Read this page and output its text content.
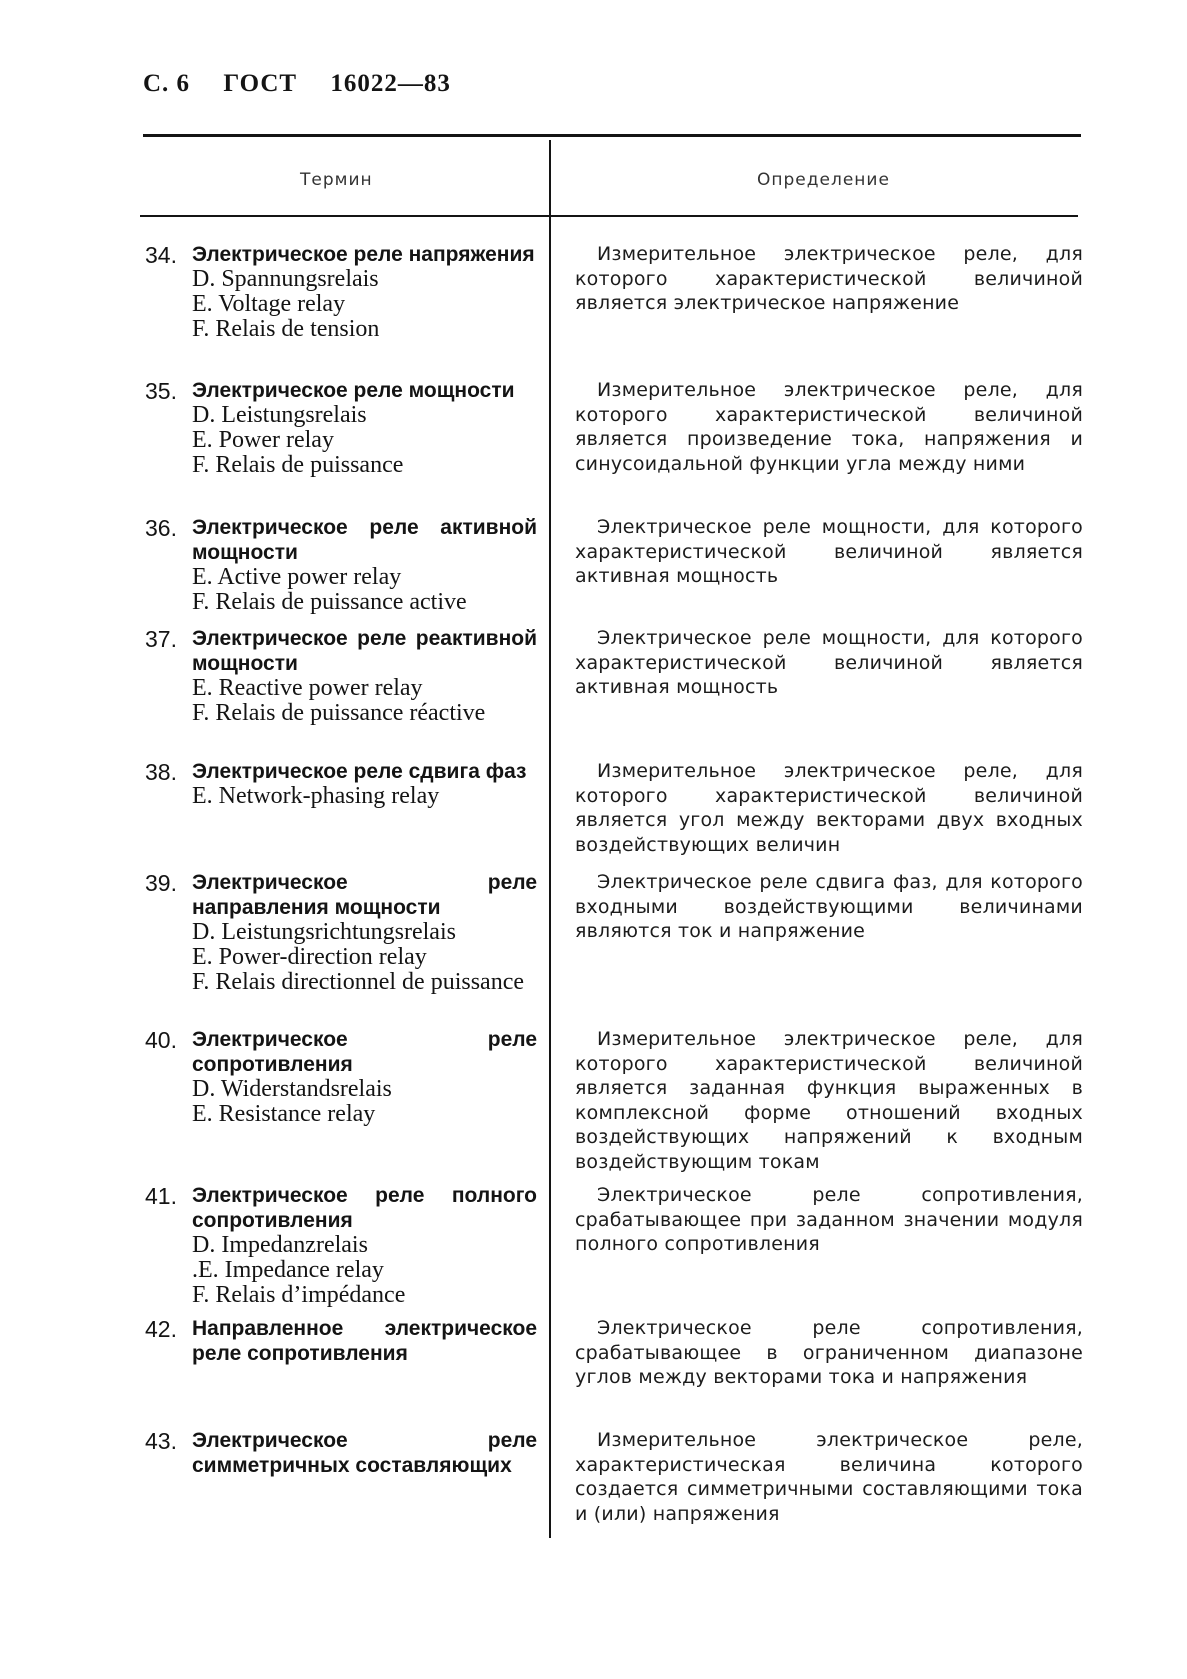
С. 6 ГОСТ 16022—83
Термин	Определение
34. Электрическое реле напряжения
D. Spannungsrelais
E. Voltage relay
F. Relais de tension

Измерительное электрическое реле, для которого характеристической величиной является электрическое напряжение

35. Электрическое реле мощности
D. Leistungsrelais
E. Power relay
F. Relais de puissance

Измерительное электрическое реле, для которого характеристической величиной является произведение тока, напряжения и синусоидальной функции угла между ними

36. Электрическое реле активной мощности
E. Active power relay
F. Relais de puissance active

Электрическое реле мощности, для которого характеристической величиной является активная мощность

37. Электрическое реле реактивной мощности
E. Reactive power relay
F. Relais de puissance réactive

Электрическое реле мощности, для которого характеристической величиной является активная мощность

38. Электрическое реле сдвига фаз
E. Network-phasing relay

Измерительное электрическое реле, для которого характеристической величиной является угол между векторами двух входных воздействующих величин

39. Электрическое реле направления мощности
D. Leistungsrichtungsrelais
E. Power-direction relay
F. Relais directionnel de puissance

Электрическое реле сдвига фаз, для которого входными воздействующими величинами являются ток и напряжение

40. Электрическое реле сопротивления
D. Widerstandsrelais
E. Resistance relay

Измерительное электрическое реле, для которого характеристической величиной является заданная функция выраженных в комплексной форме отношений входных воздействующих напряжений к входным воздействующим токам

41. Электрическое реле полного сопротивления
D. Impedanzrelais
.E. Impedance relay
F. Relais d’impédance

Электрическое реле сопротивления, срабатывающее при заданном значении модуля полного сопротивления

42. Направленное электрическое реле сопротивления

Электрическое реле сопротивления, срабатывающее в ограниченном диапазоне углов между векторами тока и напряжения

43. Электрическое реле симметричных составляющих

Измерительное электрическое реле, характеристическая величина которого создается симметричными составляющими тока и (или) напряжения
